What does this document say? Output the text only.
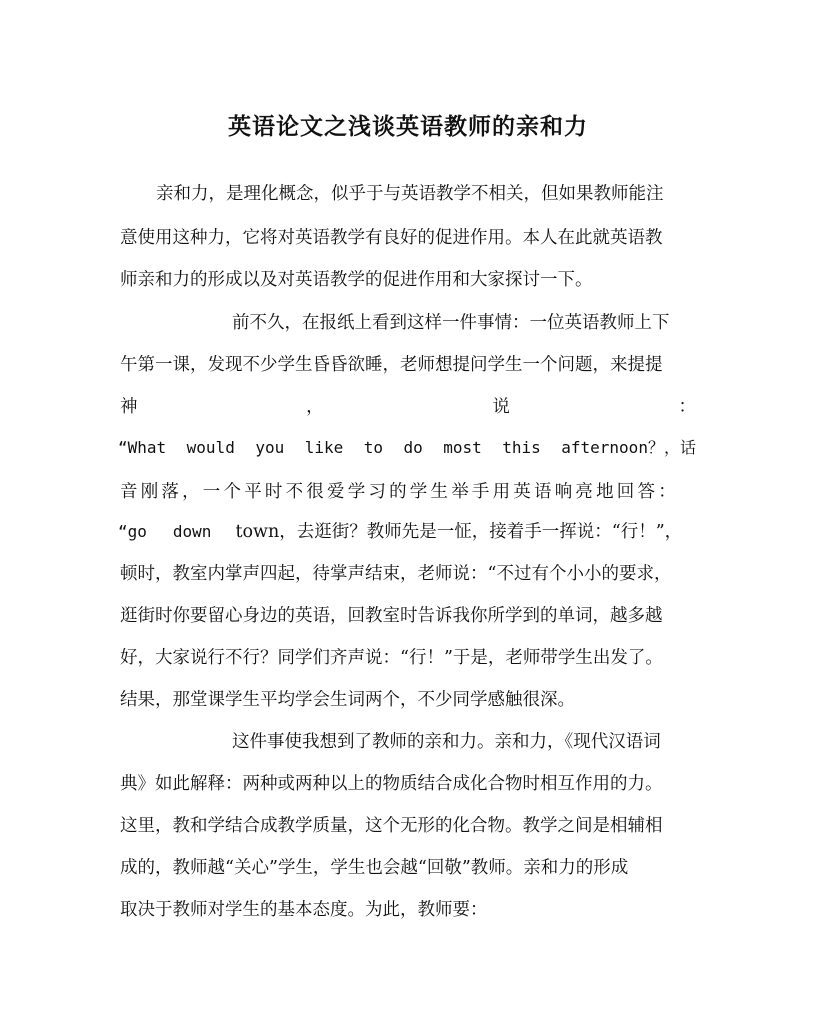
英语论文之浅谈英语教师的亲和力
亲和力，是理化概念，似乎于与英语教学不相关，但如果教师能注
意使用这种力，它将对英语教学有良好的促进作用。本人在此就英语教
师亲和力的形成以及对英语教学的促进作用和大家探讨一下。
前不久，在报纸上看到这样一件事情：一位英语教师上下
午第一课，发现不少学生昏昏欲睡，老师想提问学生一个问题，来提提
神	，	说	：
“What would you like to do most this afternoon？，话
音刚落，一个平时不很爱学习的学生举手用英语响亮地回答：
“go down town，去逛街？教师先是一怔，接着手一挥说：“行！”，
顿时，教室内掌声四起，待掌声结束，老师说：“不过有个小小的要求，
逛街时你要留心身边的英语，回教室时告诉我你所学到的单词，越多越
好，大家说行不行？同学们齐声说：“行！”于是，老师带学生出发了。
结果，那堂课学生平均学会生词两个，不少同学感触很深。
这件事使我想到了教师的亲和力。亲和力，《现代汉语词
典》如此解释：两种或两种以上的物质结合成化合物时相互作用的力。
这里，教和学结合成教学质量，这个无形的化合物。教学之间是相辅相
成的，教师越“关心”学生，学生也会越“回敬”教师。亲和力的形成
取决于教师对学生的基本态度。为此，教师要：
